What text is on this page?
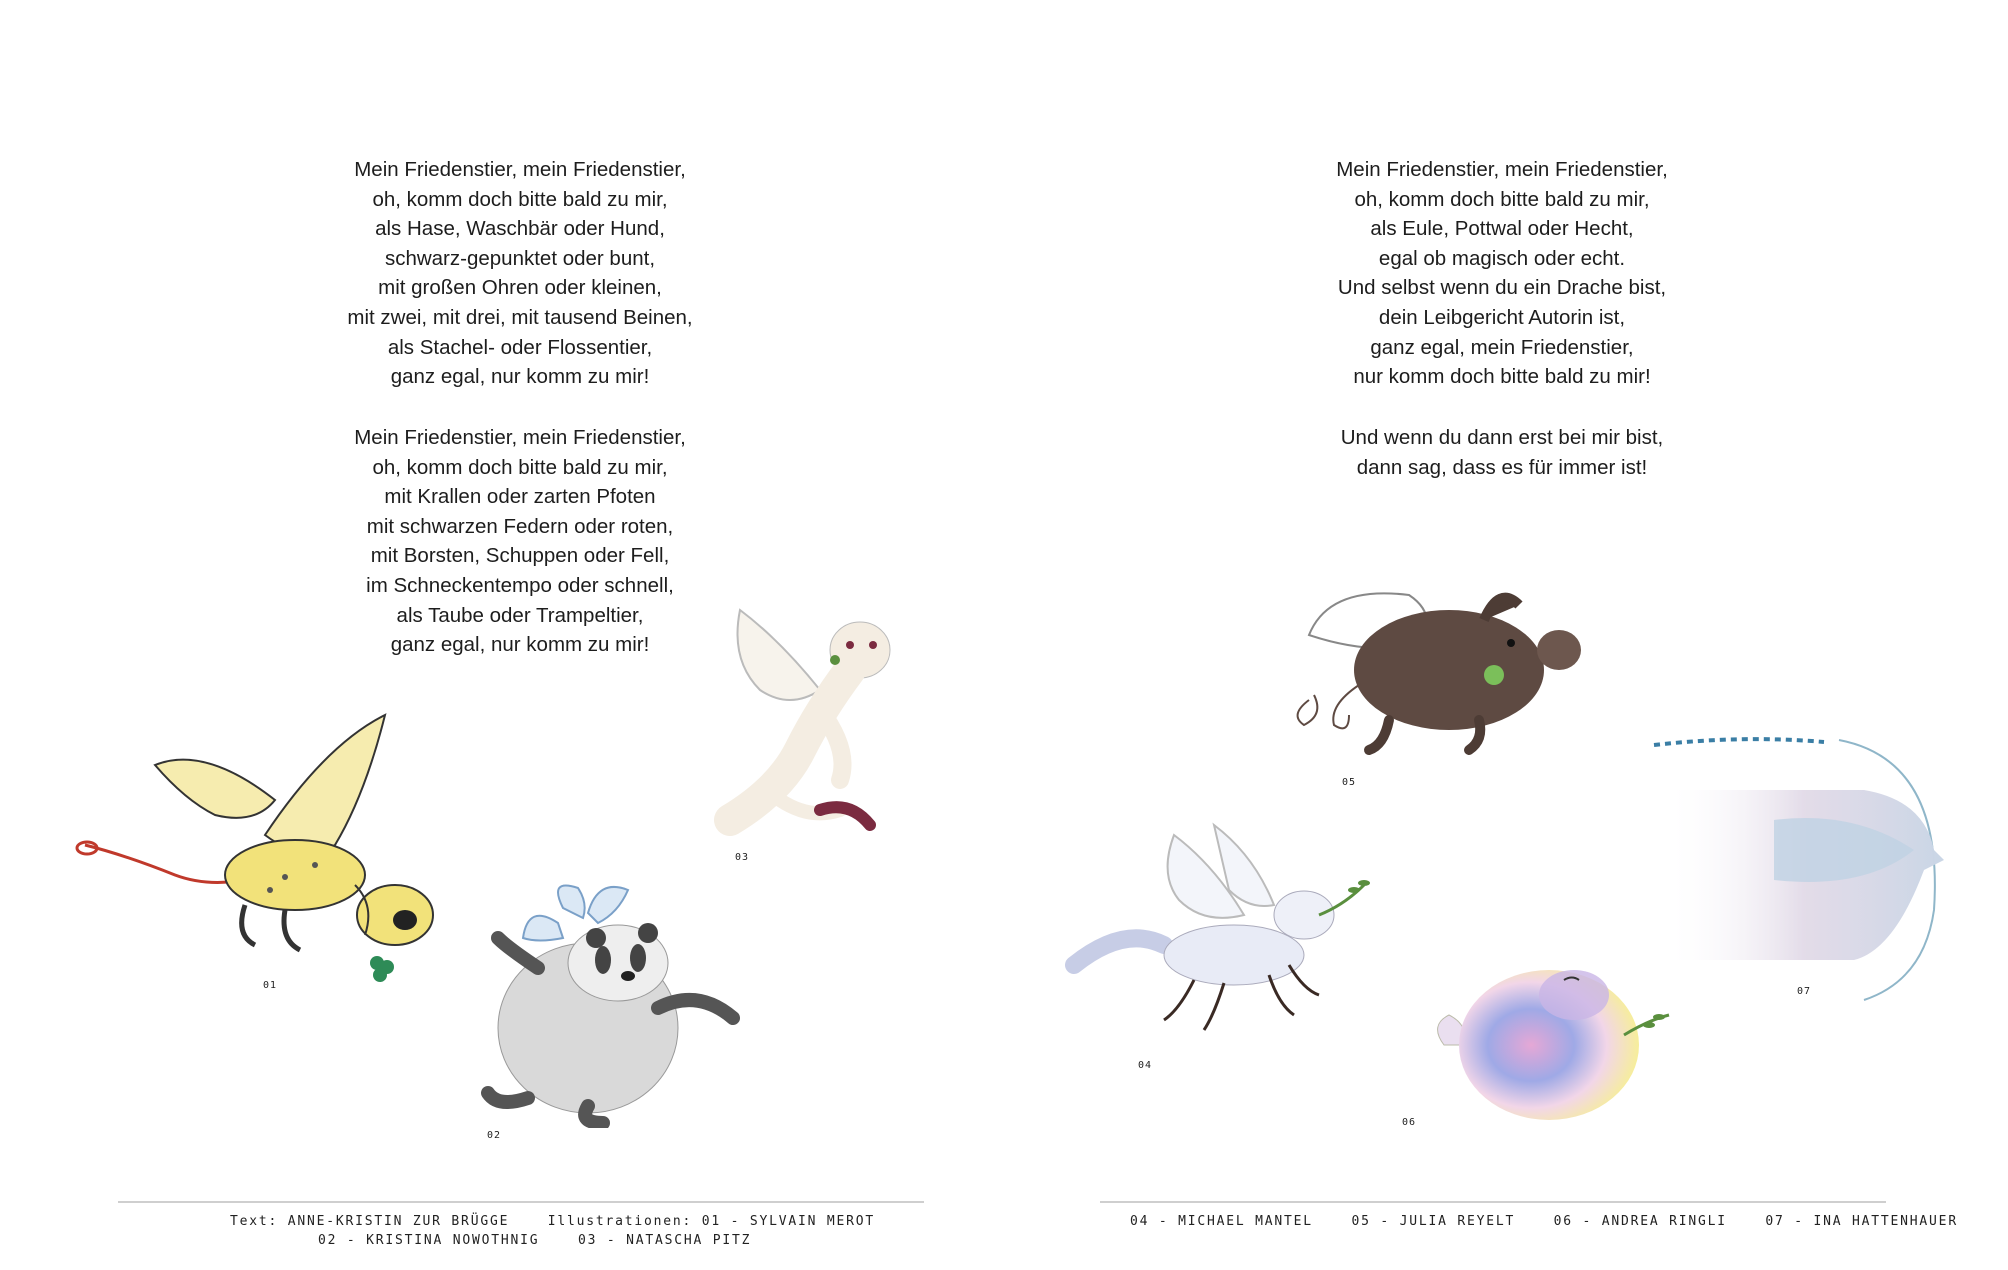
Mein Friedenstier, mein Friedenstier,
oh, komm doch bitte bald zu mir,
als Hase, Waschbär oder Hund,
schwarz-gepunktet oder bunt,
mit großen Ohren oder kleinen,
mit zwei, mit drei, mit tausend Beinen,
als Stachel- oder Flossentier,
ganz egal, nur komm zu mir!
Mein Friedenstier, mein Friedenstier,
oh, komm doch bitte bald zu mir,
mit Krallen oder zarten Pfoten
mit schwarzen Federn oder roten,
mit Borsten, Schuppen oder Fell,
im Schneckentempo oder schnell,
als Taube oder Trampeltier,
ganz egal, nur komm zu mir!
01
02
03
Text: ANNE-KRISTIN ZUR BRÜGGE	Illustrationen: 01 - SYLVAIN MEROT
02 - KRISTINA NOWOTHNIG	03 - NATASCHA PITZ
Mein Friedenstier, mein Friedenstier,
oh, komm doch bitte bald zu mir,
als Eule, Pottwal oder Hecht,
egal ob magisch oder echt.
Und selbst wenn du ein Drache bist,
dein Leibgericht Autorin ist,
ganz egal, mein Friedenstier,
nur komm doch bitte bald zu mir!
Und wenn du dann erst bei mir bist,
dann sag, dass es für immer ist!
05
07
04
06
04 - MICHAEL MANTEL	05 - JULIA REYELT	06 - ANDREA RINGLI	07 - INA HATTENHAUER
